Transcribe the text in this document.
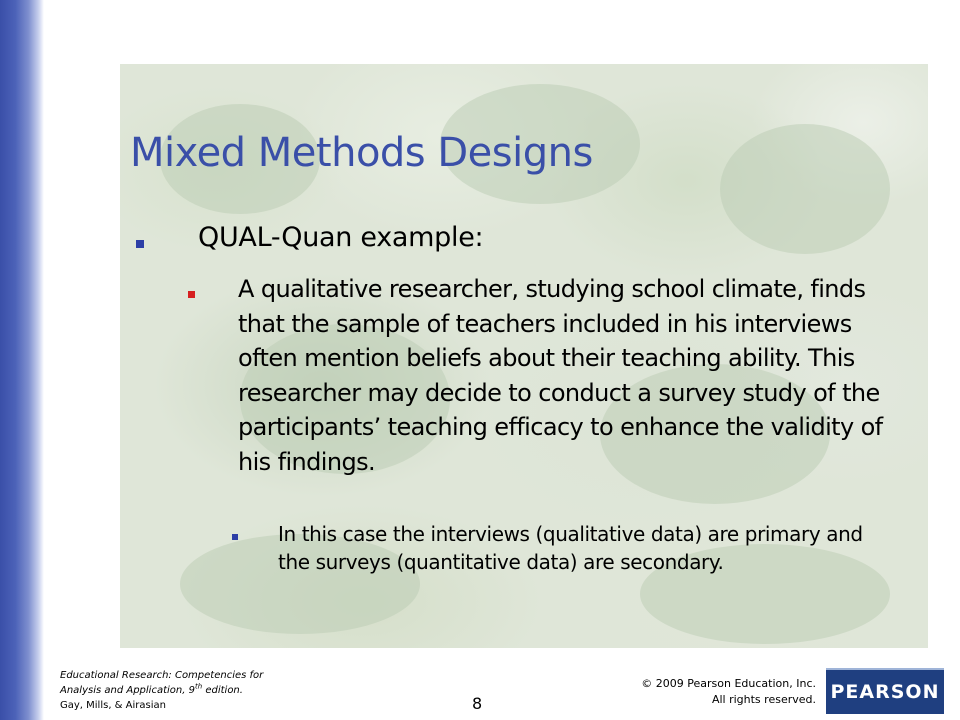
Mixed Methods Designs
QUAL-Quan example:
A qualitative researcher, studying school climate, finds that the sample of teachers included in his interviews often mention beliefs about their teaching ability. This researcher may decide to conduct a survey study of the participants’ teaching efficacy to enhance the validity of his findings.
In this case the interviews (qualitative data) are primary and the surveys (quantitative data) are secondary.
Educational Research: Competencies for
Analysis and Application, 9th edition.
Gay, Mills, & Airasian	8
© 2009 Pearson Education, Inc.
All rights reserved. PEARSON
